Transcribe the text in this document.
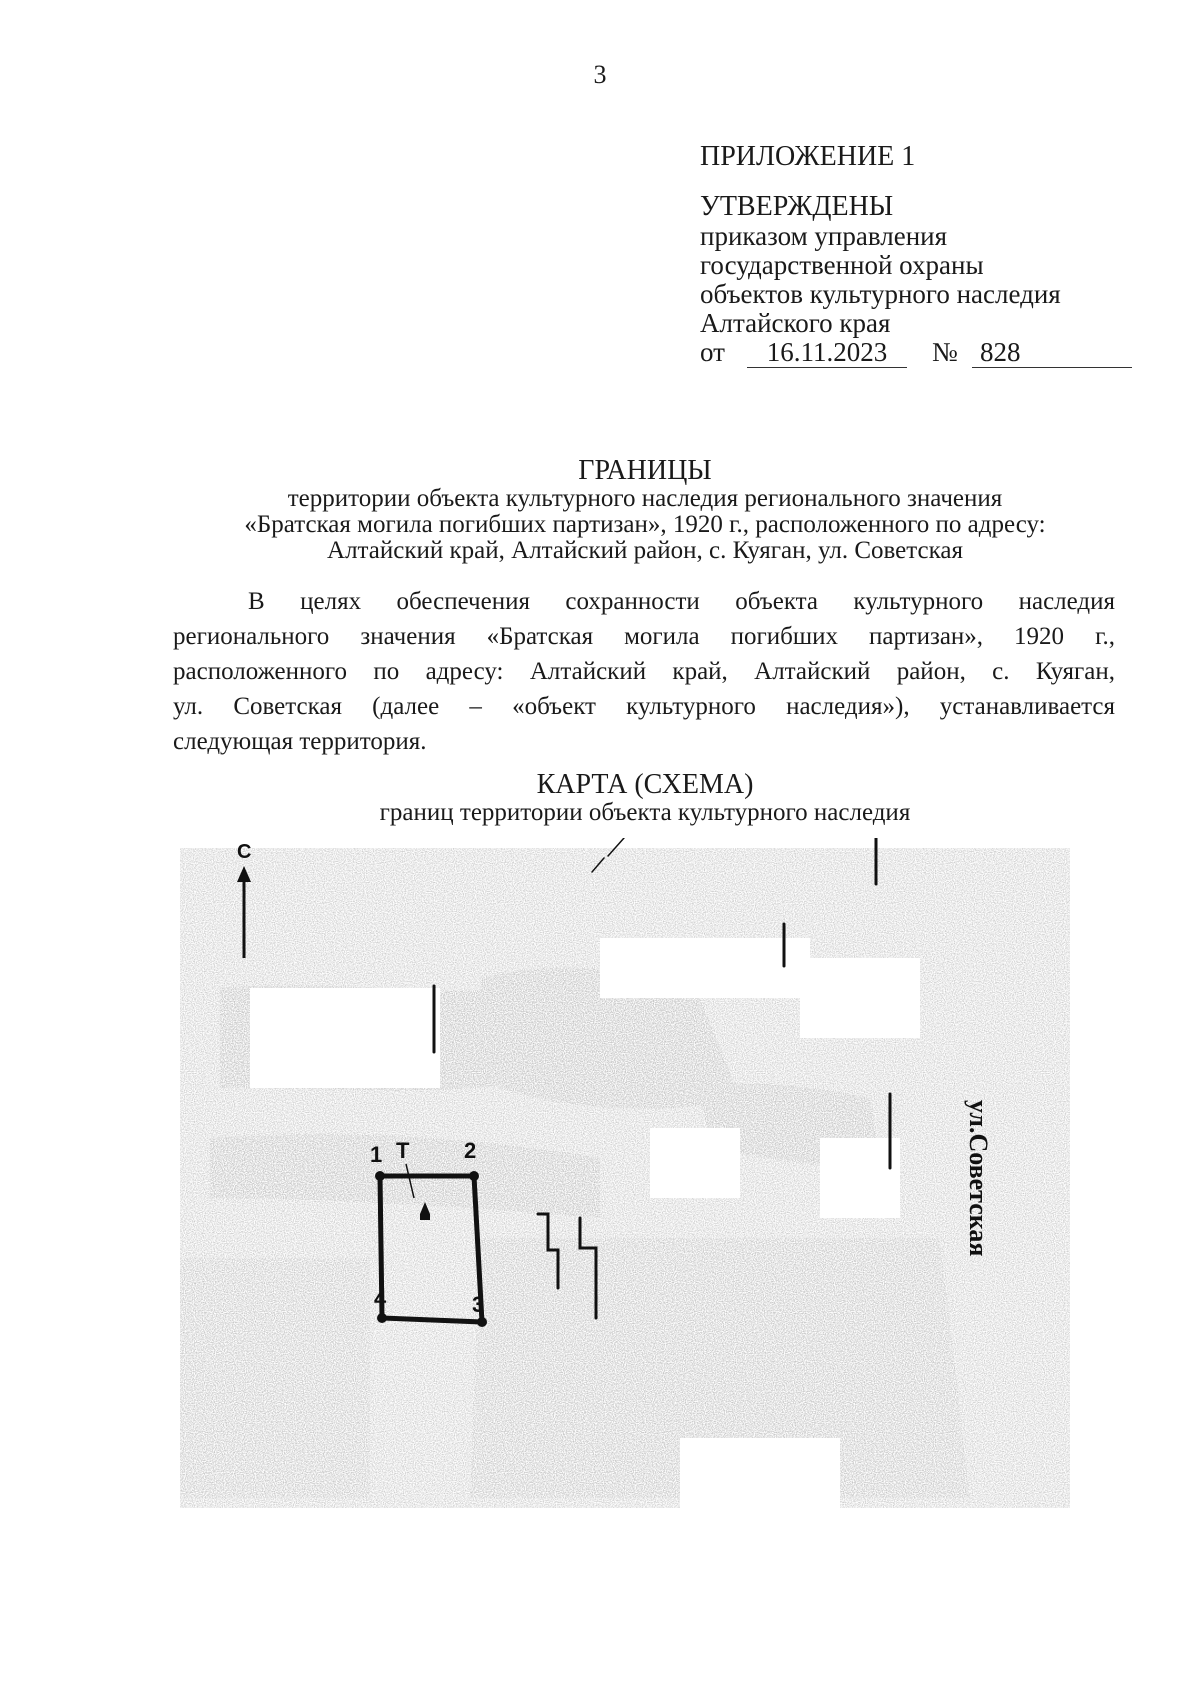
3
ПРИЛОЖЕНИЕ 1
УТВЕРЖДЕНЫ
приказом управления
государственной охраны
объектов культурного наследия
Алтайского края
от	16.11.2023	№ 828
ГРАНИЦЫ
территории объекта культурного наследия регионального значения
«Братская могила погибших партизан», 1920 г., расположенного по адресу:
Алтайский край, Алтайский район, с. Куяган, ул. Советская
В целях обеспечения сохранности объекта культурного наследия
регионального значения «Братская могила погибших партизан», 1920 г.,
расположенного по адресу: Алтайский край, Алтайский район, с. Куяган,
ул. Советская (далее – «объект культурного наследия»), устанавливается
следующая территория.
КАРТА (СХЕМА)
границ территории объекта культурного наследия
С
1	2
3
4
Т	ул.Советская
